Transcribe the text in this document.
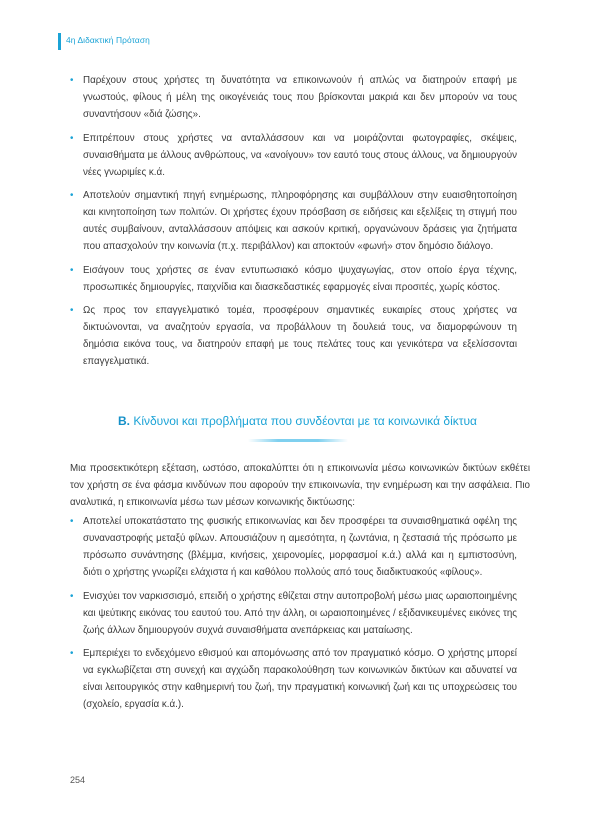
4η Διδακτική Πρόταση
• Παρέχουν στους χρήστες τη δυνατότητα να επικοινωνούν ή απλώς να διατηρούν επαφή με γνωστούς, φίλους ή μέλη της οικογένειάς τους που βρίσκονται μακριά και δεν μπορούν να τους συναντήσουν «διά ζώσης».
• Επιτρέπουν στους χρήστες να ανταλλάσσουν και να μοιράζονται φωτογραφίες, σκέψεις, συναισθήματα με άλλους ανθρώπους, να «ανοίγουν» τον εαυτό τους στους άλλους, να δημιουργούν νέες γνωριμίες κ.ά.
• Αποτελούν σημαντική πηγή ενημέρωσης, πληροφόρησης και συμβάλλουν στην ευαισθητοποίηση και κινητοποίηση των πολιτών. Οι χρήστες έχουν πρόσβαση σε ειδήσεις και εξελίξεις τη στιγμή που αυτές συμβαίνουν, ανταλλάσσουν απόψεις και ασκούν κριτική, οργανώνουν δράσεις για ζητήματα που απασχολούν την κοινωνία (π.χ. περιβάλλον) και αποκτούν «φωνή» στον δημόσιο διάλογο.
• Εισάγουν τους χρήστες σε έναν εντυπωσιακό κόσμο ψυχαγωγίας, στον οποίο έργα τέχνης, προσωπικές δημιουργίες, παιχνίδια και διασκεδαστικές εφαρμογές είναι προσιτές, χωρίς κόστος.
• Ως προς τον επαγγελματικό τομέα, προσφέρουν σημαντικές ευκαιρίες στους χρήστες να δικτυώνονται, να αναζητούν εργασία, να προβάλλουν τη δουλειά τους, να διαμορφώνουν τη δημόσια εικόνα τους, να διατηρούν επαφή με τους πελάτες τους και γενικότερα να εξελίσσονται επαγγελματικά.
Β. Κίνδυνοι και προβλήματα που συνδέονται με τα κοινωνικά δίκτυα

Μια προσεκτικότερη εξέταση, ωστόσο, αποκαλύπτει ότι η επικοινωνία μέσω κοινωνικών δικτύων εκθέτει τον χρήστη σε ένα φάσμα κινδύνων που αφορούν την επικοινωνία, την ενημέρωση και την ασφάλεια. Πιο αναλυτικά, η επικοινωνία μέσω των μέσων κοινωνικής δικτύωσης:

• Αποτελεί υποκατάστατο της φυσικής επικοινωνίας και δεν προσφέρει τα συναισθηματικά οφέλη της συναναστροφής μεταξύ φίλων. Απουσιάζουν η αμεσότητα, η ζωντάνια, η ζεστασιά τής πρόσωπο με πρόσωπο συνάντησης (βλέμμα, κινήσεις, χειρονομίες, μορφασμοί κ.ά.) αλλά και η εμπιστοσύνη, διότι ο χρήστης γνωρίζει ελάχιστα ή και καθόλου πολλούς από τους διαδικτυακούς «φίλους».
• Ενισχύει τον ναρκισσισμό, επειδή ο χρήστης εθίζεται στην αυτοπροβολή μέσω μιας ωραιοποιημένης και ψεύτικης εικόνας του εαυτού του. Από την άλλη, οι ωραιοποιημένες / εξιδανικευμένες εικόνες της ζωής άλλων δημιουργούν συχνά συναισθήματα ανεπάρκειας και ματαίωσης.
• Εμπεριέχει το ενδεχόμενο εθισμού και απομόνωσης από τον πραγματικό κόσμο. Ο χρήστης μπορεί να εγκλωβίζεται στη συνεχή και αγχώδη παρακολούθηση των κοινωνικών δικτύων και αδυνατεί να είναι λειτουργικός στην καθημερινή του ζωή, την πραγματική κοινωνική ζωή και τις υποχρεώσεις του (σχολείο, εργασία κ.ά.).
254
